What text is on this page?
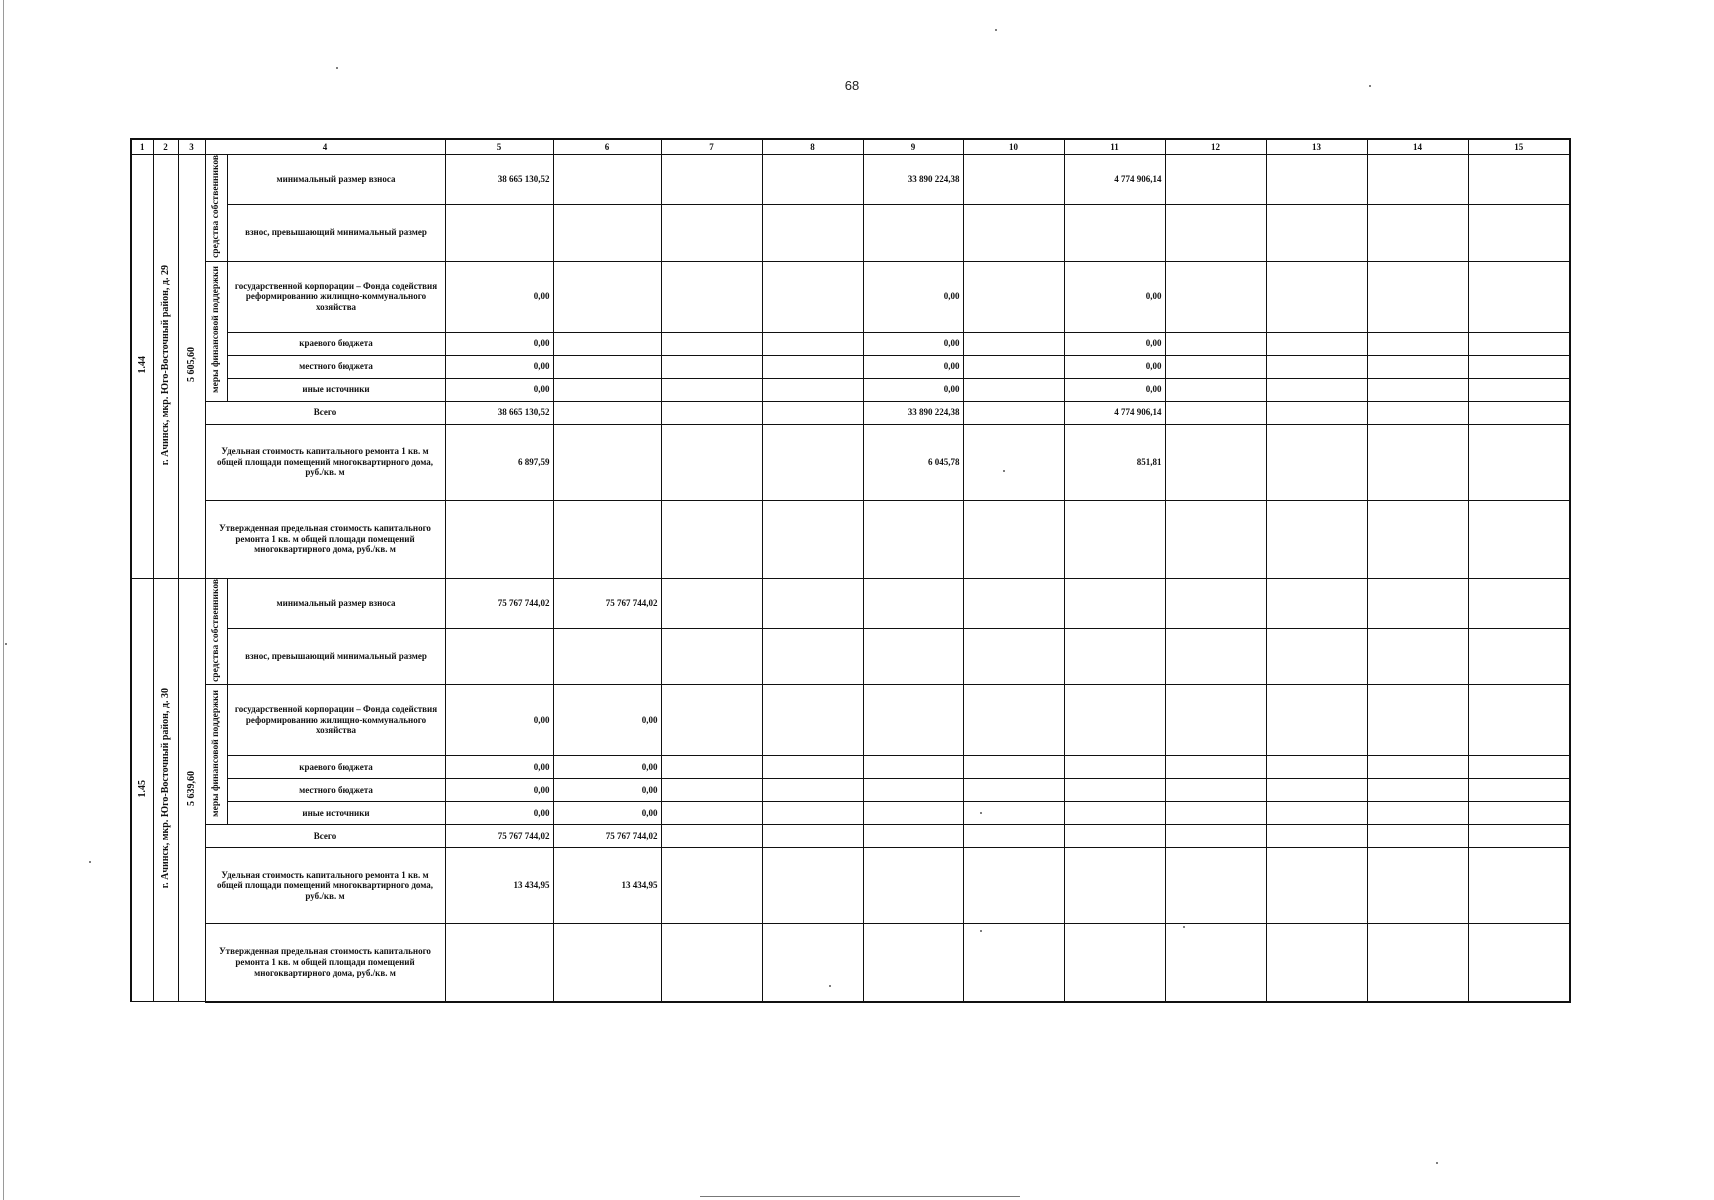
68
1	2	3	4		5	6	7	8	9	10	11	12	13	14	15
1.44	г. Ачинск, мкр. Юго-Восточный район, д. 29	5 605,60	средства собственников	минимальный размер взноса	38 665 130,52				33 890 224,38		4 774 906,14				
				взнос, превышающий минимальный размер											
			меры финансовой поддержки	государственной корпорации – Фонда содействия реформированию жилищно-коммунального хозяйства	0,00				0,00		0,00				
				краевого бюджета	0,00				0,00		0,00				
				местного бюджета	0,00				0,00		0,00				
				иные источники	0,00				0,00		0,00				
			Всего		38 665 130,52				33 890 224,38		4 774 906,14				
			Удельная стоимость капитального ремонта 1 кв. м общей площади помещений многоквартирного дома, руб./кв. м		6 897,59				6 045,78		851,81				
			Утвержденная предельная стоимость капитального ремонта 1 кв. м общей площади помещений многоквартирного дома, руб./кв. м												
1.45	г. Ачинск, мкр. Юго-Восточный район, д. 30	5 639,60	средства собственников	минимальный размер взноса	75 767 744,02	75 767 744,02									
				взнос, превышающий минимальный размер											
			меры финансовой поддержки	государственной корпорации – Фонда содействия реформированию жилищно-коммунального хозяйства	0,00	0,00									
				краевого бюджета	0,00	0,00									
				местного бюджета	0,00	0,00									
				иные источники	0,00	0,00									
			Всего		75 767 744,02	75 767 744,02									
			Удельная стоимость капитального ремонта 1 кв. м общей площади помещений многоквартирного дома, руб./кв. м		13 434,95	13 434,95									
			Утвержденная предельная стоимость капитального ремонта 1 кв. м общей площади помещений многоквартирного дома, руб./кв. м												
